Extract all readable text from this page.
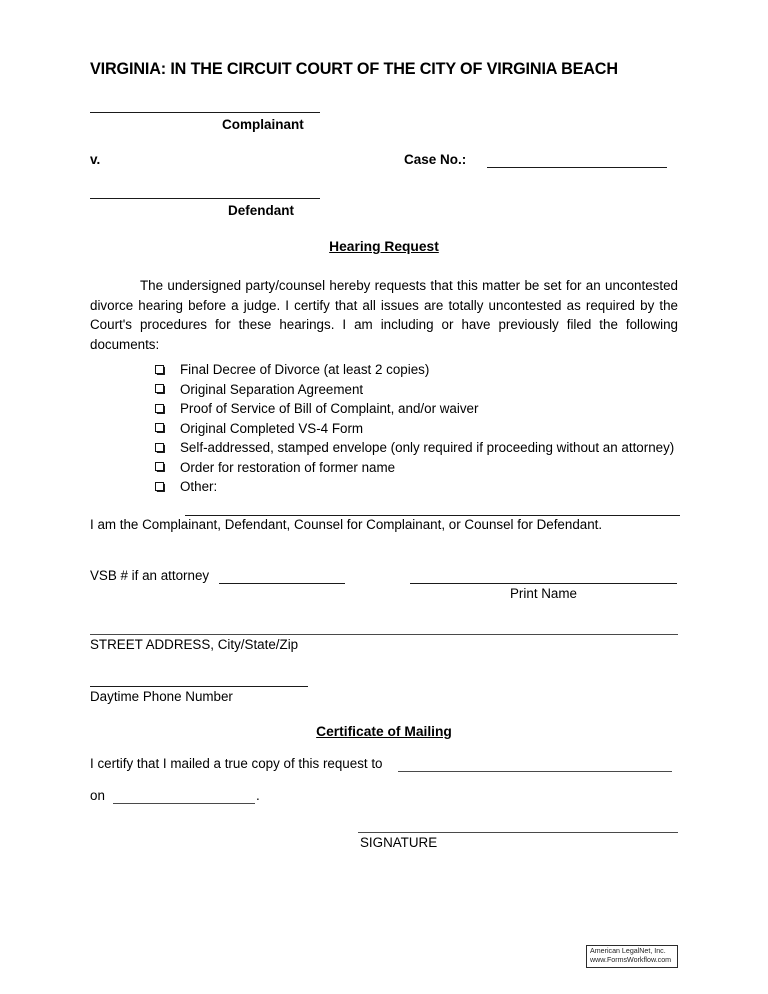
VIRGINIA: IN THE CIRCUIT COURT OF THE CITY OF VIRGINIA BEACH
Complainant
v.	Case No.:
Defendant
Hearing Request
The undersigned party/counsel hereby requests that this matter be set for an uncontested divorce hearing before a judge. I certify that all issues are totally uncontested as required by the Court's procedures for these hearings. I am including or have previously filed the following documents:
Final Decree of Divorce (at least 2 copies)
Original Separation Agreement
Proof of Service of Bill of Complaint, and/or waiver
Original Completed VS-4 Form
Self-addressed, stamped envelope (only required if proceeding without an attorney)
Order for restoration of former name
Other:
I am the Complainant, Defendant, Counsel for Complainant, or Counsel for Defendant.
VSB # if an attorney
Print Name
STREET ADDRESS, City/State/Zip
Daytime Phone Number
Certificate of Mailing
I certify that I mailed a true copy of this request to
on	.
SIGNATURE
American LegalNet, Inc.
www.FormsWorkflow.com
